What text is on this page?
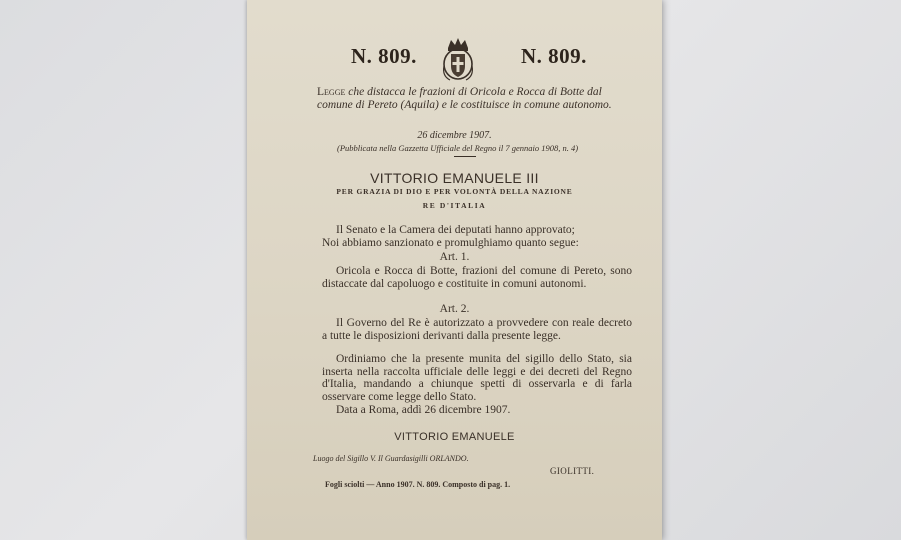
N. 809.	N. 809.
Legge che distacca le frazioni di Oricola e Rocca di Botte dal comune di Pereto (Aquila) e le costituisce in comune autonomo.
26 dicembre 1907.
(Pubblicata nella Gazzetta Ufficiale del Regno il 7 gennaio 1908, n. 4)
VITTORIO EMANUELE III
PER GRAZIA DI DIO E PER VOLONTÀ DELLA NAZIONE
RE D'ITALIA
Il Senato e la Camera dei deputati hanno approvato;
Noi abbiamo sanzionato e promulghiamo quanto segue:
Art. 1.
Oricola e Rocca di Botte, frazioni del comune di Pereto, sono distaccate dal capoluogo e costituite in comuni autonomi.
Art. 2.
Il Governo del Re è autorizzato a provvedere con reale decreto a tutte le disposizioni derivanti dalla presente legge.
Ordiniamo che la presente munita del sigillo dello Stato, sia inserta nella raccolta ufficiale delle leggi e dei decreti del Regno d'Italia, mandando a chiunque spetti di osservarla e di farla osservare come legge dello Stato.
Data a Roma, addì 26 dicembre 1907.
VITTORIO EMANUELE
Luogo del Sigillo V. Il Guardasigilli ORLANDO.
GIOLITTI.
Fogli sciolti — Anno 1907. N. 809. Composto di pag. 1.
